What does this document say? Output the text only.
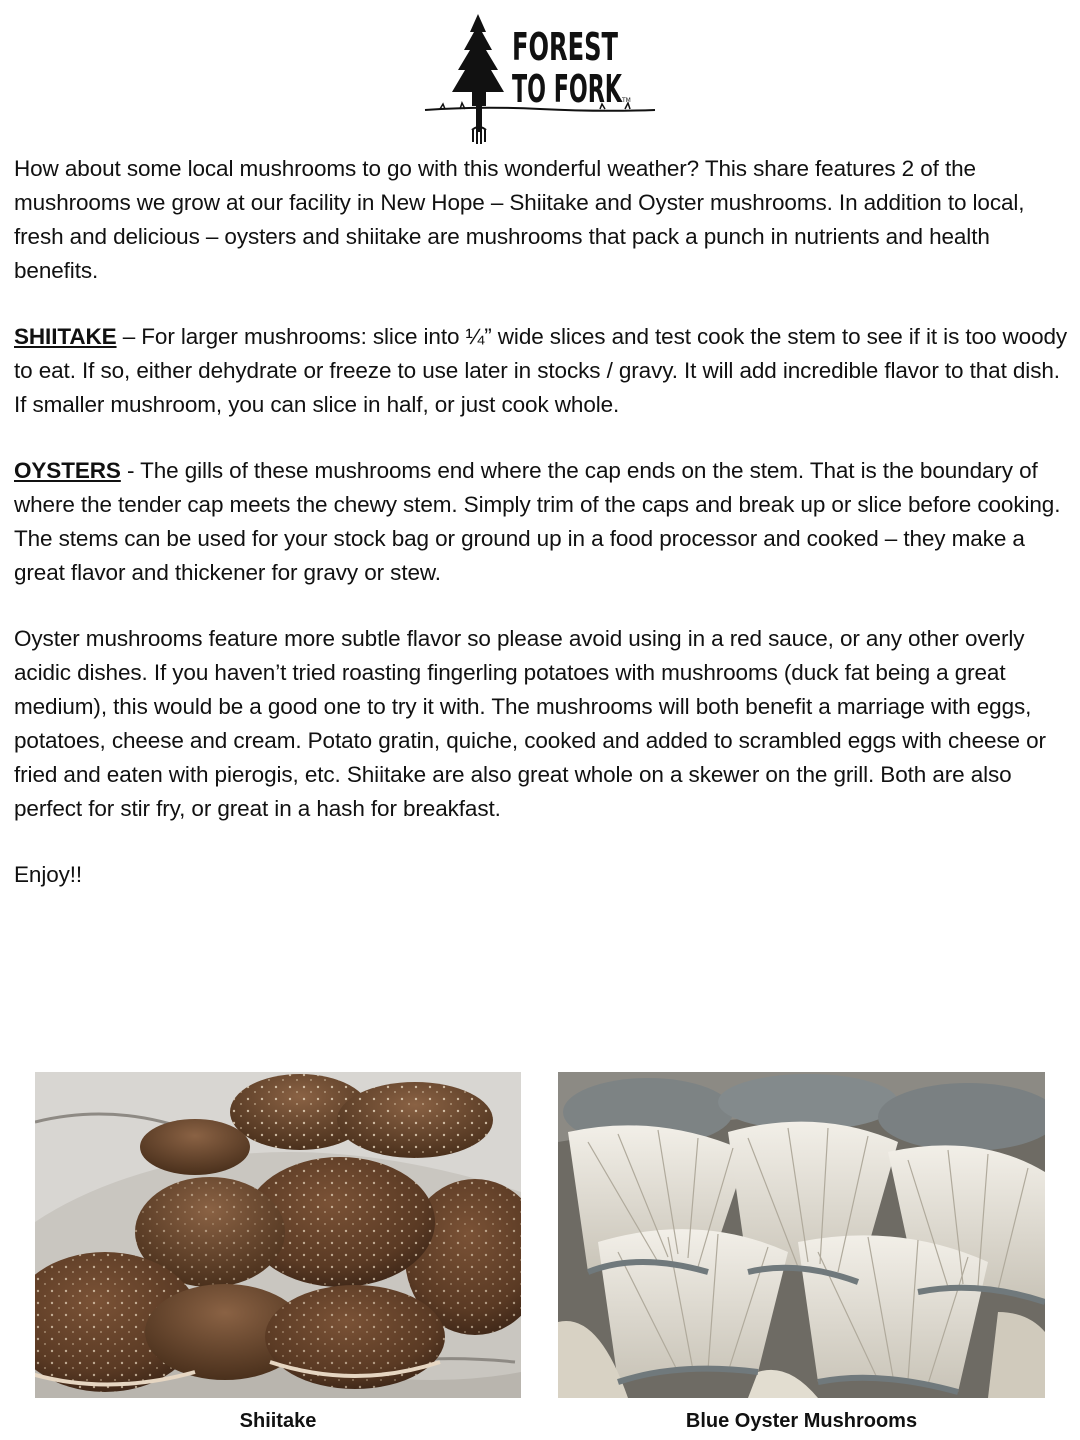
FOREST
TO FORK TM

How about some local mushrooms to go with this wonderful weather? This share features 2 of the mushrooms we grow at our facility in New Hope – Shiitake and Oyster mushrooms. In addition to local, fresh and delicious – oysters and shiitake are mushrooms that pack a punch in nutrients and health benefits.

SHIITAKE – For larger mushrooms: slice into ¼” wide slices and test cook the stem to see if it is too woody to eat. If so, either dehydrate or freeze to use later in stocks / gravy. It will add incredible flavor to that dish. If smaller mushroom, you can slice in half, or just cook whole.

OYSTERS - The gills of these mushrooms end where the cap ends on the stem. That is the boundary of where the tender cap meets the chewy stem. Simply trim of the caps and break up or slice before cooking. The stems can be used for your stock bag or ground up in a food processor and cooked – they make a great flavor and thickener for gravy or stew.

Oyster mushrooms feature more subtle flavor so please avoid using in a red sauce, or any other overly acidic dishes. If you haven’t tried roasting fingerling potatoes with mushrooms (duck fat being a great medium), this would be a good one to try it with. The mushrooms will both benefit a marriage with eggs, potatoes, cheese and cream. Potato gratin, quiche, cooked and added to scrambled eggs with cheese or fried and eaten with pierogis, etc. Shiitake are also great whole on a skewer on the grill. Both are also perfect for stir fry, or great in a hash for breakfast.

Enjoy!!

Shiitake	Blue Oyster Mushrooms
